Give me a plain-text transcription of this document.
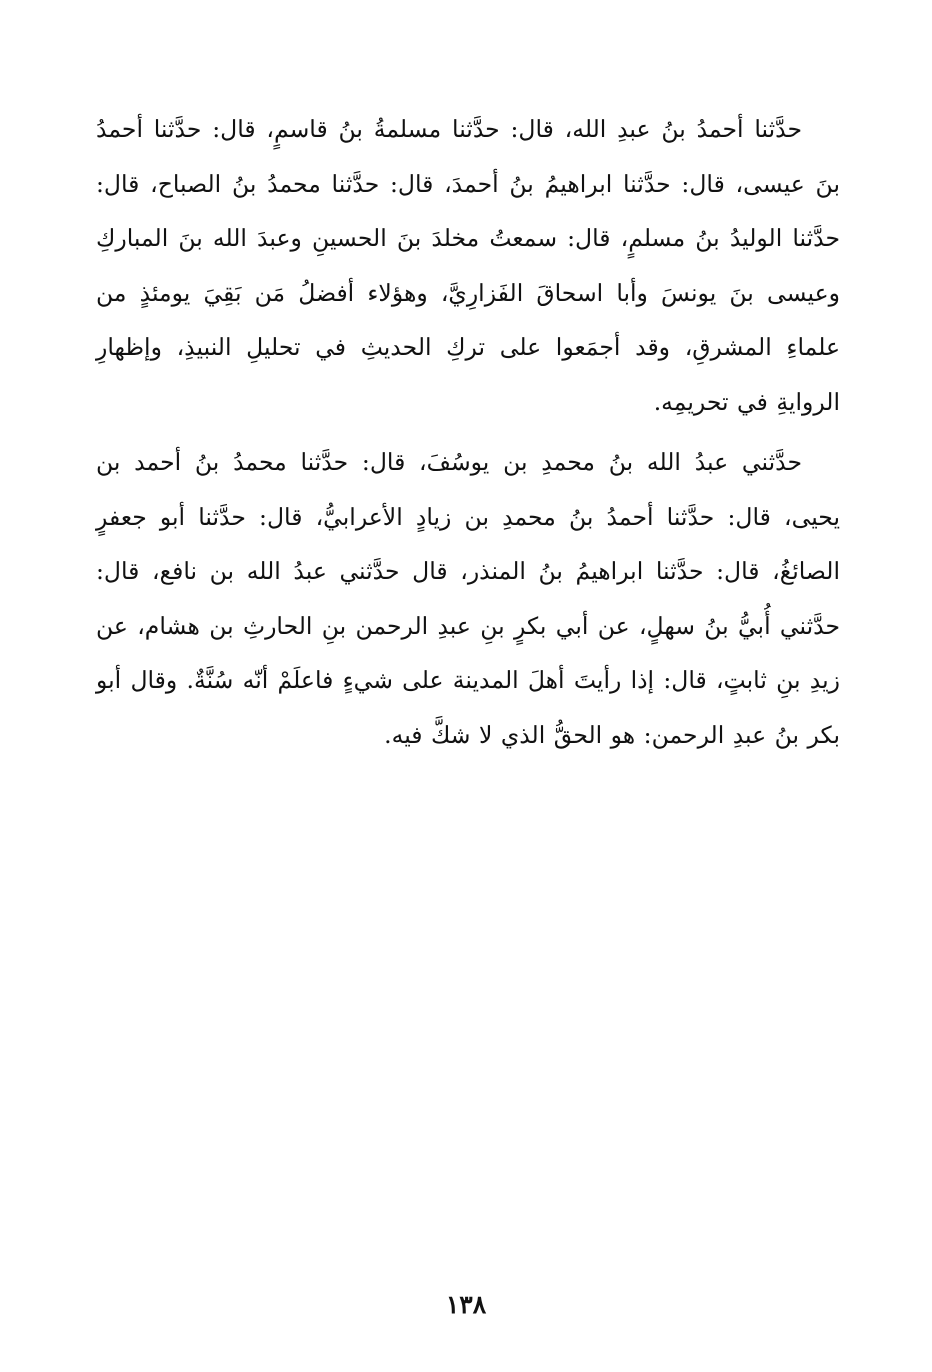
حدَّثنا أحمدُ بنُ عبدِ الله، قال: حدَّثنا مسلمةُ بنُ قاسمٍ، قال: حدَّثنا أحمدُ بنَ عيسى، قال: حدَّثنا ابراهيمُ بنُ أحمدَ، قال: حدَّثنا محمدُ بنُ الصباح، قال: حدَّثنا الوليدُ بنُ مسلمٍ، قال: سمعتُ مخلدَ بنَ الحسينِ وعبدَ الله بنَ المباركِ وعيسى بنَ يونسَ وأبا اسحاقَ الفَزارِيَّ، وهؤلاء أفضلُ مَن بَقِيَ يومئذٍ من علماءِ المشرقِ، وقد أجمَعوا على تركِ الحديثِ في تحليلِ النبيذِ، وإظهارِ الروايةِ في تحريمِه.

حدَّثني عبدُ الله بنُ محمدِ بن يوسُفَ، قال: حدَّثنا محمدُ بنُ أحمد بن يحيى، قال: حدَّثنا أحمدُ بنُ محمدِ بن زيادٍ الأعرابيُّ، قال: حدَّثنا أبو جعفرٍ الصائغُ، قال: حدَّثنا ابراهيمُ بنُ المنذر، قال حدَّثني عبدُ الله بن نافع، قال: حدَّثني أُبيُّ بنُ سهلٍ، عن أبي بكرٍ بنِ عبدِ الرحمن بنِ الحارثِ بن هشام، عن زيدِ بنِ ثابتٍ، قال: إذا رأيتَ أهلَ المدينة على شيءٍ فاعلَمْ أنّه سُنَّةٌ. وقال أبو بكر بنُ عبدِ الرحمن: هو الحقُّ الذي لا شكَّ فيه.

١٣٨
